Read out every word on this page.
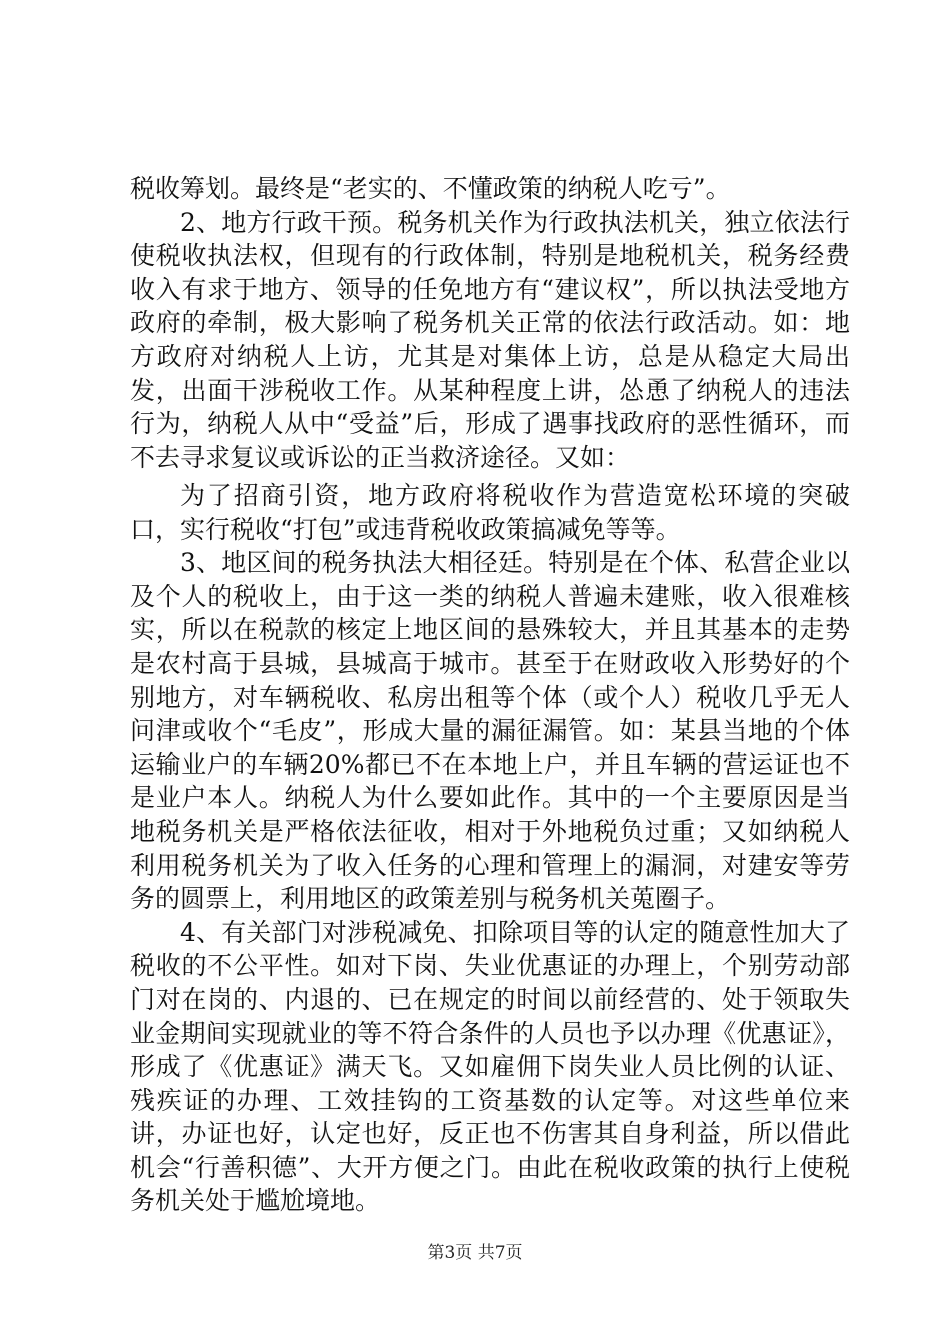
税收筹划。最终是“老实的、不懂政策的纳税人吃亏”。

2、地方行政干预。税务机关作为行政执法机关，独立依法行使税收执法权，但现有的行政体制，特别是地税机关，税务经费收入有求于地方、领导的任免地方有“建议权”，所以执法受地方政府的牵制，极大影响了税务机关正常的依法行政活动。如：地方政府对纳税人上访，尤其是对集体上访，总是从稳定大局出发，出面干涉税收工作。从某种程度上讲，怂恿了纳税人的违法行为，纳税人从中“受益”后，形成了遇事找政府的恶性循环，而不去寻求复议或诉讼的正当救济途径。又如：

为了招商引资，地方政府将税收作为营造宽松环境的突破口，实行税收“打包”或违背税收政策搞减免等等。

3、地区间的税务执法大相径廷。特别是在个体、私营企业以及个人的税收上，由于这一类的纳税人普遍未建账，收入很难核实，所以在税款的核定上地区间的悬殊较大，并且其基本的走势是农村高于县城，县城高于城市。甚至于在财政收入形势好的个别地方，对车辆税收、私房出租等个体（或个人）税收几乎无人问津或收个“毛皮”，形成大量的漏征漏管。如：某县当地的个体运输业户的车辆20%都已不在本地上户，并且车辆的营运证也不是业户本人。纳税人为什么要如此作。其中的一个主要原因是当地税务机关是严格依法征收，相对于外地税负过重；又如纳税人利用税务机关为了收入任务的心理和管理上的漏洞，对建安等劳务的圆票上，利用地区的政策差别与税务机关莵圈子。

4、有关部门对涉税减免、扣除项目等的认定的随意性加大了税收的不公平性。如对下岗、失业优惠证的办理上，个别劳动部门对在岗的、内退的、已在规定的时间以前经营的、处于领取失业金期间实现就业的等不符合条件的人员也予以办理《优惠证》，形成了《优惠证》满天飞。又如雇佣下岗失业人员比例的认证、残疾证的办理、工效挂钩的工资基数的认定等。对这些单位来讲，办证也好，认定也好，反正也不伤害其自身利益，所以借此机会“行善积德”、大开方便之门。由此在税收政策的执行上使税务机关处于尴尬境地。

第3页 共7页
